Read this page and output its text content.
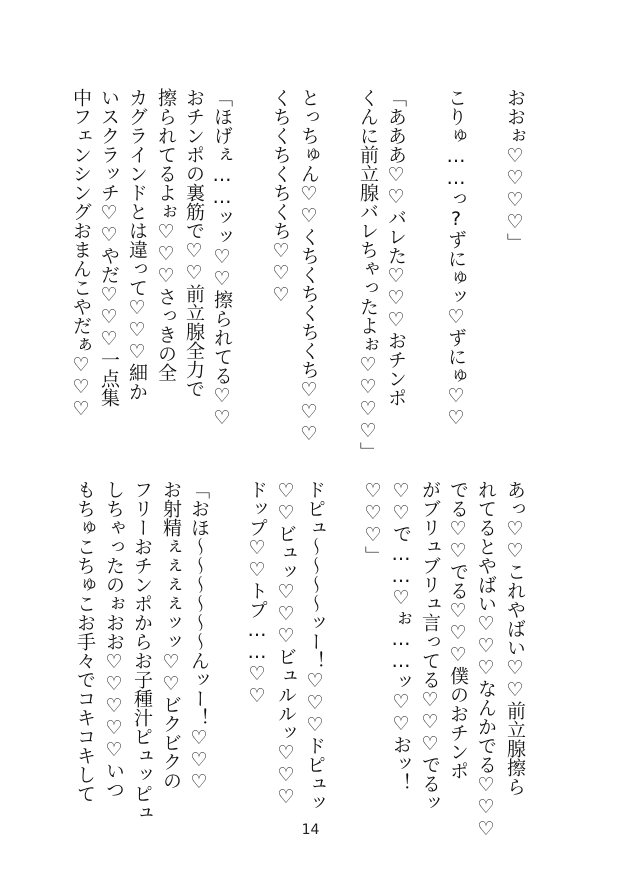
おおぉ♡♡♡♡」
こりゅ……っ?ずにゅッ♡ずにゅ♡♡
「あああ♡♡バレた♡♡♡おチンポ
くんに前立腺バレちゃったよぉ♡♡♡♡」
とっちゅん♡♡くちくちくちくち♡♡♡
くちくちくちくち♡♡♡
「ほげぇ……ッッ♡♡擦られてる♡♡
おチンポの裏筋で♡♡前立腺全力で
擦られてるよぉ♡♡♡さっきの全
カグラインドとは違って♡♡♡細か
いスクラッチ♡♡やだ♡♡♡一点集
中フェンシングおまんこやだぁ♡♡♡
あっ♡♡これやばい♡♡前立腺擦ら
れてるとやばい♡♡♡なんかでる♡♡♡
でる♡♡でる♡♡♡僕のおチンポ
がブリュブリュ言ってる♡♡♡でるッ
♡♡で……♡ぉ……ッ♡♡おッ！
♡♡♡」
ドピュ～～～～ッー！♡♡♡ドピュッ
♡♡ビュッ♡♡♡ビュルルッ♡♡♡
ドップ♡♡トプ……♡♡
「おほ～～～～～～んッー！♡♡♡
お射精ぇぇぇぇッッ♡♡ビクビクの
フリーおチンポからお子種汁ピュッピュ
しちゃったのぉおお♡♡♡♡♡いつ
もちゅこちゅこお手々でコキコキして
14
